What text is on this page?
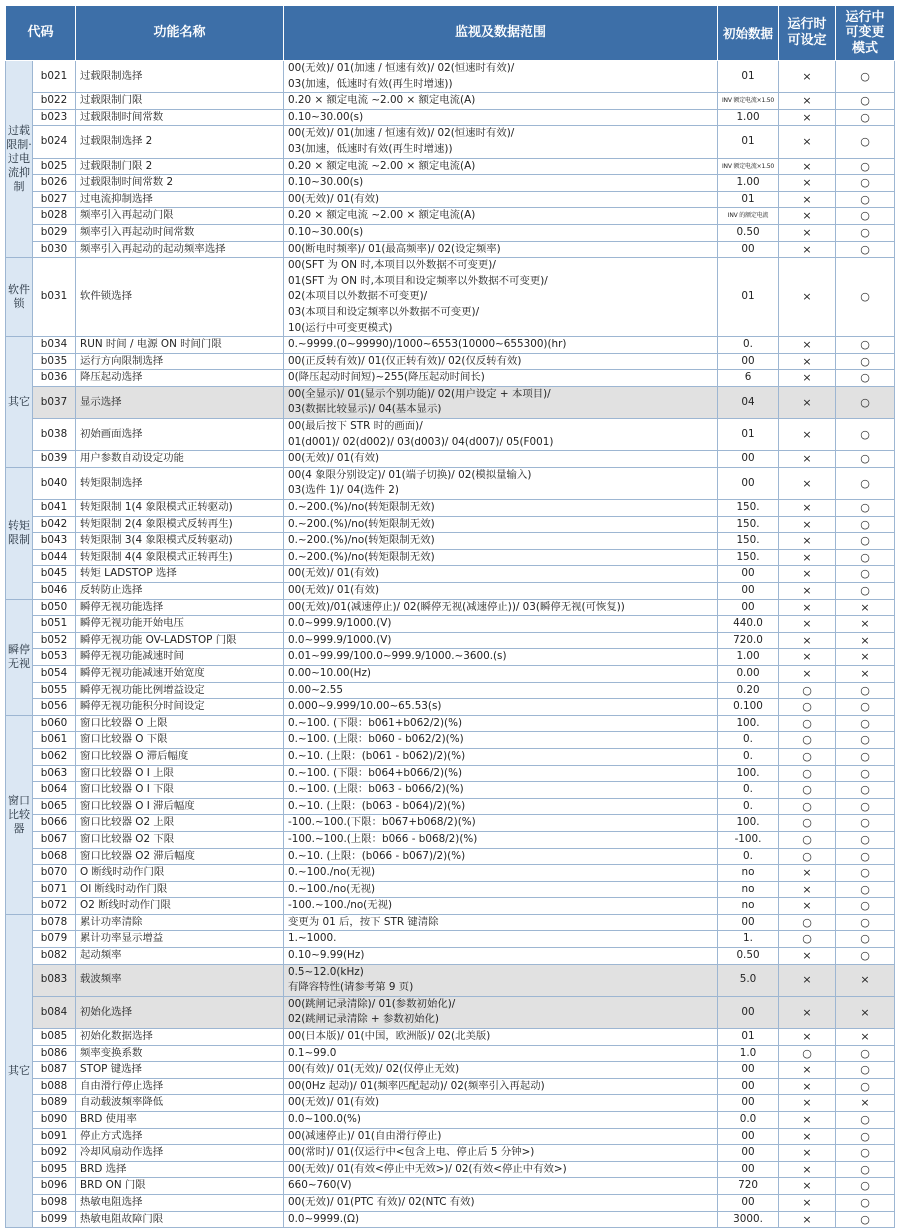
代码		功能名称	监视及数据范围	初始数据	运行时可设定	运行中可变更模式
过载限制·过电流抑制	b021	过载限制选择	00(无效)/ 01(加速 / 恒速有效)/ 02(恒速时有效)/
03(加速，低速时有效(再生时增速))	01	×	○
	b022	过载限制门限	0.20 × 额定电流 ~2.00 × 额定电流(A)	INV 额定电流×1.50	×	○
	b023	过载限制时间常数	0.10~30.00(s)	1.00	×	○
	b024	过载限制选择 2	00(无效)/ 01(加速 / 恒速有效)/ 02(恒速时有效)/
03(加速，低速时有效(再生时增速))	01	×	○
	b025	过载限制门限 2	0.20 × 额定电流 ~2.00 × 额定电流(A)	INV 额定电流×1.50	×	○
	b026	过载限制时间常数 2	0.10~30.00(s)	1.00	×	○
	b027	过电流抑制选择	00(无效)/ 01(有效)	01	×	○
	b028	频率引入再起动门限	0.20 × 额定电流 ~2.00 × 额定电流(A)	INV 的额定电流	×	○
	b029	频率引入再起动时间常数	0.10~30.00(s)	0.50	×	○
	b030	频率引入再起动的起动频率选择	00(断电时频率)/ 01(最高频率)/ 02(设定频率)	00	×	○
软件锁	b031	软件锁选择	00(SFT 为 ON 时,本项目以外数据不可变更)/
01(SFT 为 ON 时,本项目和设定频率以外数据不可变更)/
02(本项目以外数据不可变更)/
03(本项目和设定频率以外数据不可变更)/
10(运行中可变更模式)	01	×	○
其它	b034	RUN 时间 / 电源 ON 时间门限	0.~9999.(0~99990)/1000~6553(10000~655300)(hr)	0.	×	○
	b035	运行方向限制选择	00(正反转有效)/ 01(仅正转有效)/ 02(仅反转有效)	00	×	○
	b036	降压起动选择	0(降压起动时间短)~255(降压起动时间长)	6	×	○
	b037	显示选择	00(全显示)/ 01(显示个别功能)/ 02(用户设定 + 本项目)/
03(数据比较显示)/ 04(基本显示)	04	×	○
	b038	初始画面选择	00(最后按下 STR 时的画面)/
01(d001)/ 02(d002)/ 03(d003)/ 04(d007)/ 05(F001)	01	×	○
	b039	用户参数自动设定功能	00(无效)/ 01(有效)	00	×	○
转矩限制	b040	转矩限制选择	00(4 象限分别设定)/ 01(端子切换)/ 02(模拟量输入)
03(选件 1)/ 04(选件 2)	00	×	○
	b041	转矩限制 1(4 象限模式正转驱动)	0.~200.(%)/no(转矩限制无效)	150.	×	○
	b042	转矩限制 2(4 象限模式反转再生)	0.~200.(%)/no(转矩限制无效)	150.	×	○
	b043	转矩限制 3(4 象限模式反转驱动)	0.~200.(%)/no(转矩限制无效)	150.	×	○
	b044	转矩限制 4(4 象限模式正转再生)	0.~200.(%)/no(转矩限制无效)	150.	×	○
	b045	转矩 LADSTOP 选择	00(无效)/ 01(有效)	00	×	○
	b046	反转防止选择	00(无效)/ 01(有效)	00	×	○
瞬停无视	b050	瞬停无视功能选择	00(无效)/01(减速停止)/ 02(瞬停无视(减速停止))/ 03(瞬停无视(可恢复))	00	×	×
	b051	瞬停无视功能开始电压	0.0~999.9/1000.(V)	440.0	×	×
	b052	瞬停无视功能 OV-LADSTOP 门限	0.0~999.9/1000.(V)	720.0	×	×
	b053	瞬停无视功能减速时间	0.01~99.99/100.0~999.9/1000.~3600.(s)	1.00	×	×
	b054	瞬停无视功能减速开始宽度	0.00~10.00(Hz)	0.00	×	×
	b055	瞬停无视功能比例增益设定	0.00~2.55	0.20	○	○
	b056	瞬停无视功能积分时间设定	0.000~9.999/10.00~65.53(s)	0.100	○	○
窗口比较器	b060	窗口比较器 O 上限	0.~100. (下限：b061+b062/2)(%)	100.	○	○
	b061	窗口比较器 O 下限	0.~100. (上限：b060 - b062/2)(%)	0.	○	○
	b062	窗口比较器 O 滞后幅度	0.~10. (上限：(b061 - b062)/2)(%)	0.	○	○
	b063	窗口比较器 O I 上限	0.~100. (下限：b064+b066/2)(%)	100.	○	○
	b064	窗口比较器 O I 下限	0.~100. (上限：b063 - b066/2)(%)	0.	○	○
	b065	窗口比较器 O I 滞后幅度	0.~10. (上限：(b063 - b064)/2)(%)	0.	○	○
	b066	窗口比较器 O2 上限	-100.~100.(下限：b067+b068/2)(%)	100.	○	○
	b067	窗口比较器 O2 下限	-100.~100.(上限：b066 - b068/2)(%)	-100.	○	○
	b068	窗口比较器 O2 滞后幅度	0.~10. (上限：(b066 - b067)/2)(%)	0.	○	○
	b070	O 断线时动作门限	0.~100./no(无视)	no	×	○
	b071	OI 断线时动作门限	0.~100./no(无视)	no	×	○
	b072	O2 断线时动作门限	-100.~100./no(无视)	no	×	○
其它	b078	累计功率清除	变更为 01 后，按下 STR 键清除	00	○	○
	b079	累计功率显示增益	1.~1000.	1.	○	○
	b082	起动频率	0.10~9.99(Hz)	0.50	×	○
	b083	载波频率	0.5~12.0(kHz)
有降容特性(请参考第 9 页)	5.0	×	×
	b084	初始化选择	00(跳闸记录清除)/ 01(参数初始化)/
02(跳闸记录清除 + 参数初始化)	00	×	×
	b085	初始化数据选择	00(日本版)/ 01(中国，欧洲版)/ 02(北美版)	01	×	×
	b086	频率变换系数	0.1~99.0	1.0	○	○
	b087	STOP 键选择	00(有效)/ 01(无效)/ 02(仅停止无效)	00	×	○
	b088	自由滑行停止选择	00(0Hz 起动)/ 01(频率匹配起动)/ 02(频率引入再起动)	00	×	○
	b089	自动载波频率降低	00(无效)/ 01(有效)	00	×	×
	b090	BRD 使用率	0.0~100.0(%)	0.0	×	○
	b091	停止方式选择	00(减速停止)/ 01(自由滑行停止)	00	×	○
	b092	冷却风扇动作选择	00(常时)/ 01(仅运行中<包含上电、停止后 5 分钟>)	00	×	○
	b095	BRD 选择	00(无效)/ 01(有效<停止中无效>)/ 02(有效<停止中有效>)	00	×	○
	b096	BRD ON 门限	660~760(V)	720	×	○
	b098	热敏电阻选择	00(无效)/ 01(PTC 有效)/ 02(NTC 有效)	00	×	○
	b099	热敏电阻故障门限	0.0~9999.(Ω)	3000.	×	○
